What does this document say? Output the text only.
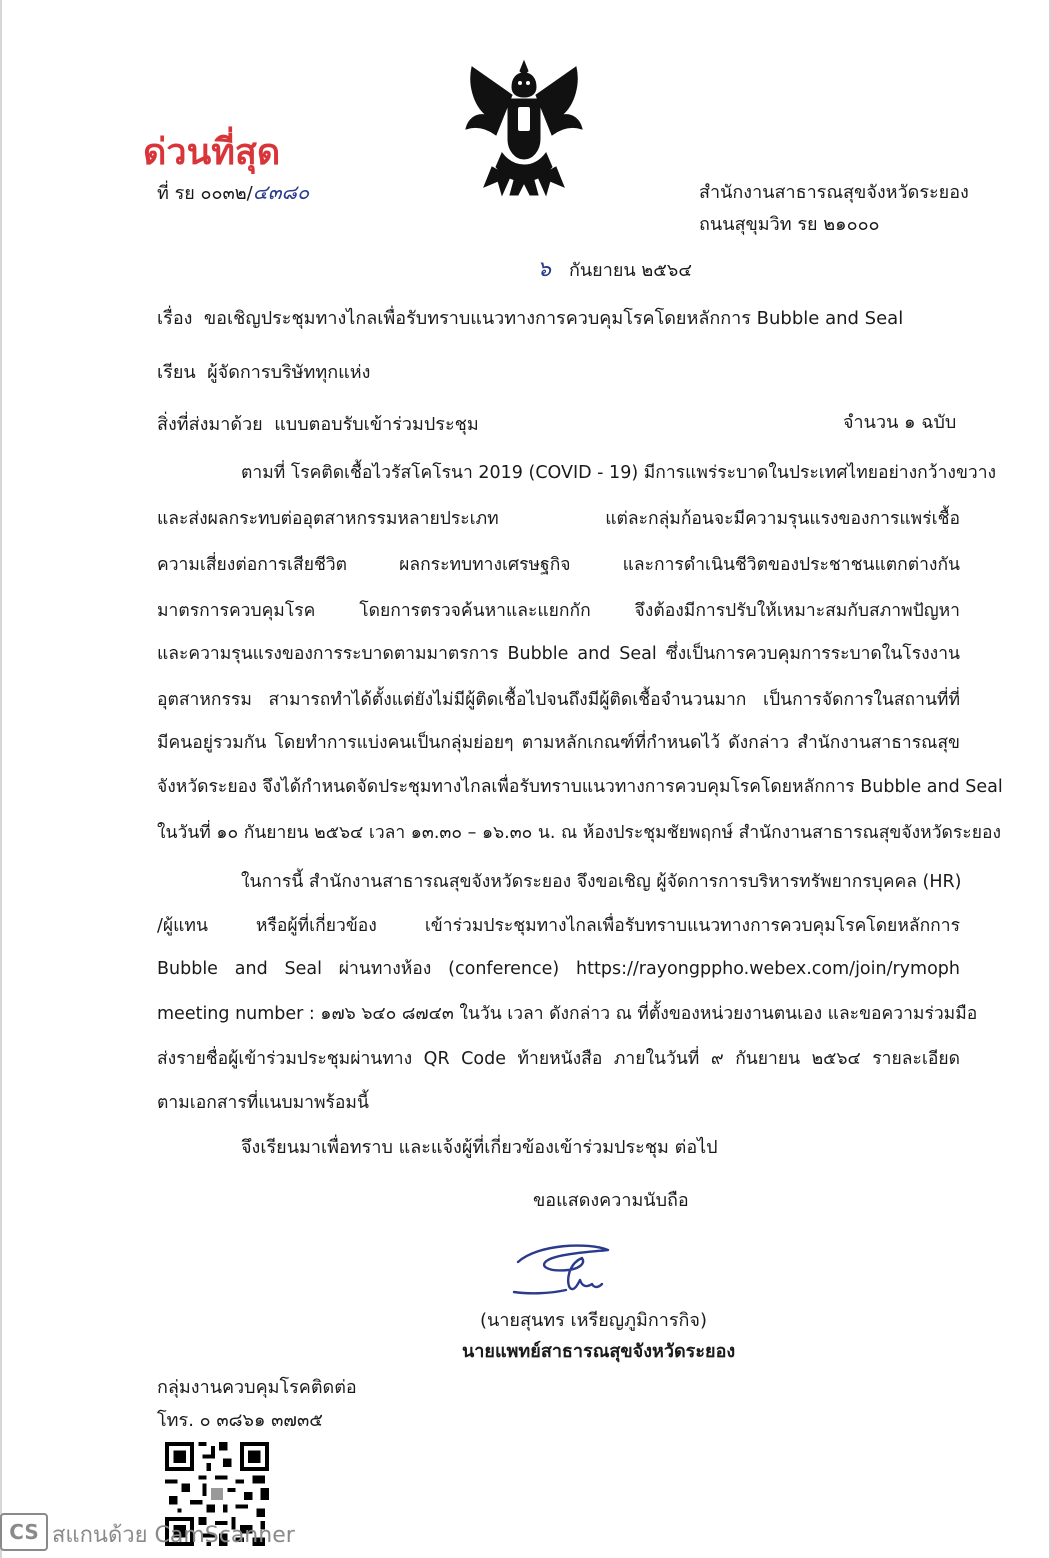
ด่วนที่สุด
ที่ รย ๐๐๓๒/๔๓๘๐	สำนักงานสาธารณสุขจังหวัดระยอง
ถนนสุขุมวิท รย ๒๑๐๐๐
๖ กันยายน ๒๕๖๔
เรื่อง ขอเชิญประชุมทางไกลเพื่อรับทราบแนวทางการควบคุมโรคโดยหลักการ Bubble and Seal
เรียน ผู้จัดการบริษัททุกแห่ง
สิ่งที่ส่งมาด้วย แบบตอบรับเข้าร่วมประชุม	จำนวน ๑ ฉบับ
ตามที่ โรคติดเชื้อไวรัสโคโรนา 2019 (COVID - 19) มีการแพร่ระบาดในประเทศไทยอย่างกว้างขวาง
และส่งผลกระทบต่ออุตสาหกรรมหลายประเภท แต่ละกลุ่มก้อนจะมีความรุนแรงของการแพร่เชื้อ
ความเสี่ยงต่อการเสียชีวิต ผลกระทบทางเศรษฐกิจ และการดำเนินชีวิตของประชาชนแตกต่างกัน
มาตรการควบคุมโรค โดยการตรวจค้นหาและแยกกัก จึงต้องมีการปรับให้เหมาะสมกับสภาพปัญหา
และความรุนแรงของการระบาดตามมาตรการ Bubble and Seal ซึ่งเป็นการควบคุมการระบาดในโรงงาน
อุตสาหกรรม สามารถทำได้ตั้งแต่ยังไม่มีผู้ติดเชื้อไปจนถึงมีผู้ติดเชื้อจำนวนมาก เป็นการจัดการในสถานที่ที่
มีคนอยู่รวมกัน โดยทำการแบ่งคนเป็นกลุ่มย่อยๆ ตามหลักเกณฑ์ที่กำหนดไว้ ดังกล่าว สำนักงานสาธารณสุข
จังหวัดระยอง จึงได้กำหนดจัดประชุมทางไกลเพื่อรับทราบแนวทางการควบคุมโรคโดยหลักการ Bubble and Seal
ในวันที่ ๑๐ กันยายน ๒๕๖๔ เวลา ๑๓.๓๐ – ๑๖.๓๐ น. ณ ห้องประชุมชัยพฤกษ์ สำนักงานสาธารณสุขจังหวัดระยอง
ในการนี้ สำนักงานสาธารณสุขจังหวัดระยอง จึงขอเชิญ ผู้จัดการการบริหารทรัพยากรบุคคล (HR)
/ผู้แทน หรือผู้ที่เกี่ยวข้อง เข้าร่วมประชุมทางไกลเพื่อรับทราบแนวทางการควบคุมโรคโดยหลักการ
Bubble and Seal ผ่านทางห้อง (conference) https://rayongppho.webex.com/join/rymoph
meeting number : ๑๗๖ ๖๔๐ ๘๗๔๓ ในวัน เวลา ดังกล่าว ณ ที่ตั้งของหน่วยงานตนเอง และขอความร่วมมือ
ส่งรายชื่อผู้เข้าร่วมประชุมผ่านทาง QR Code ท้ายหนังสือ ภายในวันที่ ๙ กันยายน ๒๕๖๔ รายละเอียด
ตามเอกสารที่แนบมาพร้อมนี้
จึงเรียนมาเพื่อทราบ และแจ้งผู้ที่เกี่ยวข้องเข้าร่วมประชุม ต่อไป
ขอแสดงความนับถือ
(นายสุนทร เหรียญภูมิการกิจ)
นายแพทย์สาธารณสุขจังหวัดระยอง
กลุ่มงานควบคุมโรคติดต่อ
โทร. ๐ ๓๘๖๑ ๓๗๓๕
CS สแกนด้วย CamScanner
